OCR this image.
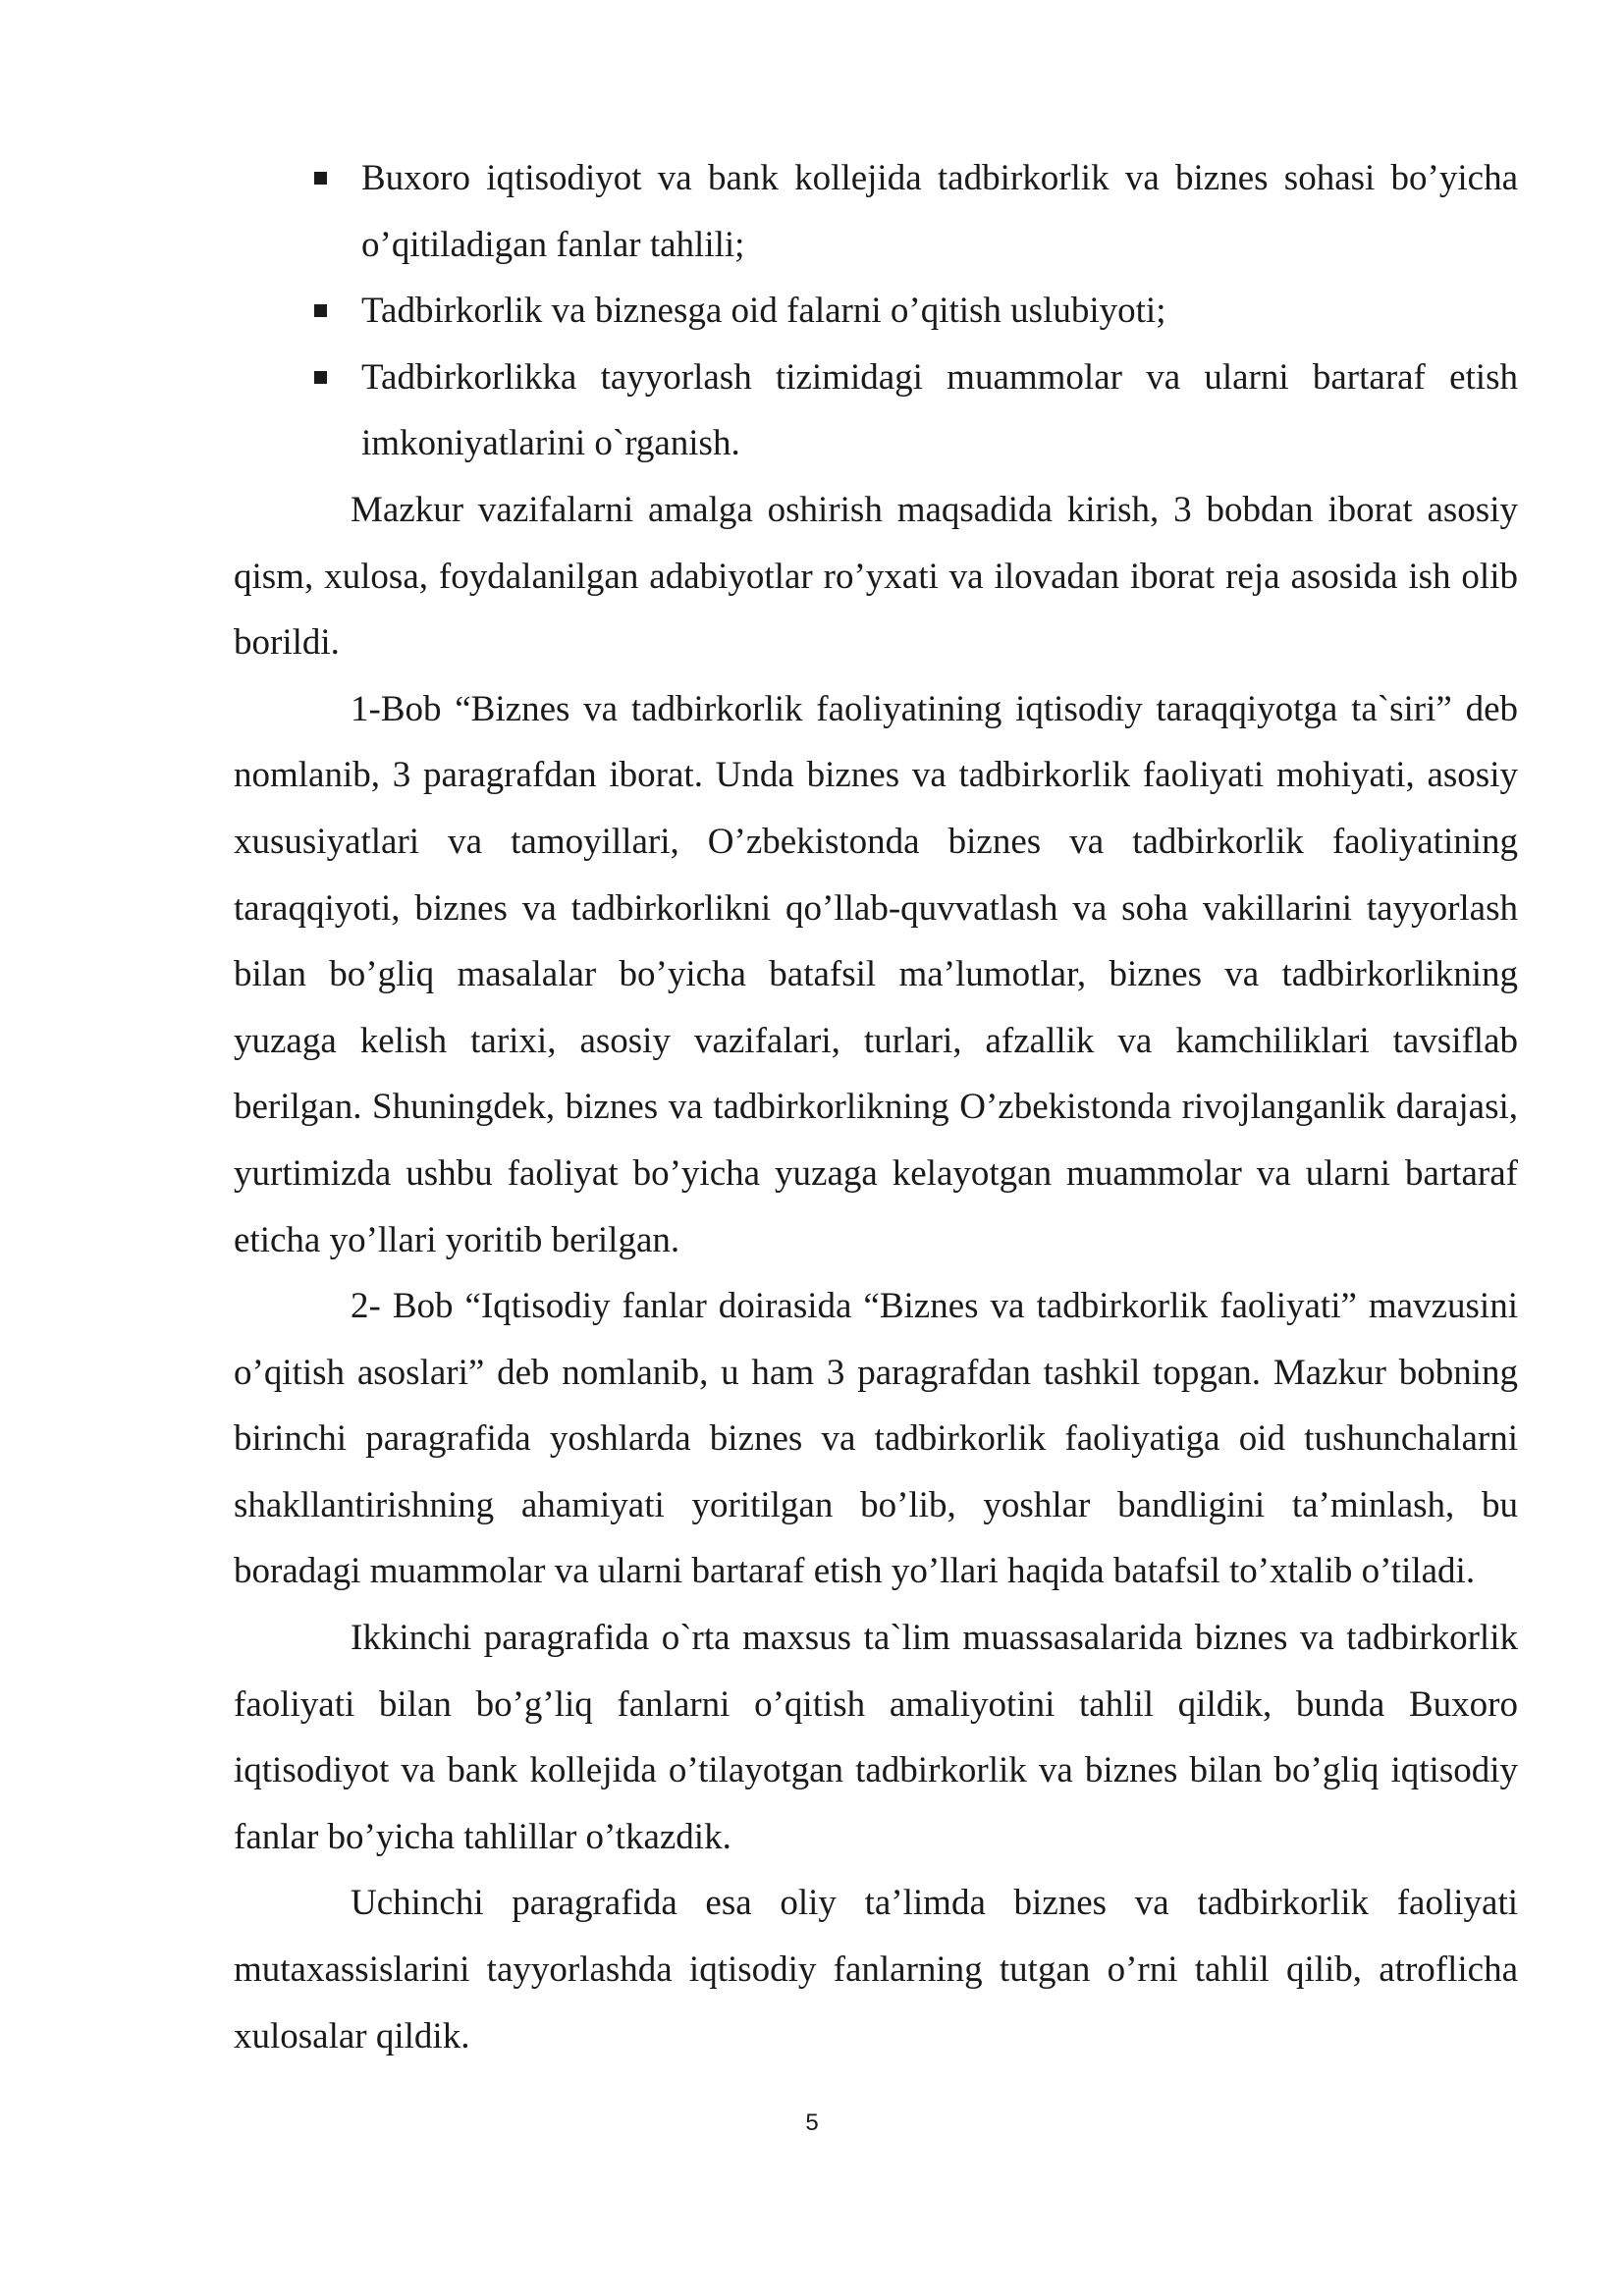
Buxoro iqtisodiyot va bank kollejida tadbirkorlik va biznes sohasi bo’yicha o’qitiladigan fanlar tahlili;
Tadbirkorlik va biznesga oid falarni o’qitish uslubiyoti;
Tadbirkorlikka tayyorlash tizimidagi muammolar va ularni bartaraf etish imkoniyatlarini o`rganish.

Mazkur vazifalarni amalga oshirish maqsadida kirish, 3 bobdan iborat asosiy qism, xulosa, foydalanilgan adabiyotlar ro’yxati va ilovadan iborat reja asosida ish olib borildi.

1-Bob “Biznes va tadbirkorlik faoliyatining iqtisodiy taraqqiyotga ta`siri” deb nomlanib, 3 paragrafdan iborat. Unda biznes va tadbirkorlik faoliyati mohiyati, asosiy xususiyatlari va tamoyillari, O’zbekistonda biznes va tadbirkorlik faoliyatining taraqqiyoti, biznes va tadbirkorlikni qo’llab-quvvatlash va soha vakillarini tayyorlash bilan bo’gliq masalalar bo’yicha batafsil ma’lumotlar, biznes va tadbirkorlikning yuzaga kelish tarixi, asosiy vazifalari, turlari, afzallik va kamchiliklari tavsiflab berilgan. Shuningdek, biznes va tadbirkorlikning O’zbekistonda rivojlanganlik darajasi, yurtimizda ushbu faoliyat bo’yicha yuzaga kelayotgan muammolar va ularni bartaraf eticha yo’llari yoritib berilgan.

2- Bob “Iqtisodiy fanlar doirasida “Biznes va tadbirkorlik faoliyati” mavzusini o’qitish asoslari” deb nomlanib, u ham 3 paragrafdan tashkil topgan. Mazkur bobning birinchi paragrafida yoshlarda biznes va tadbirkorlik faoliyatiga oid tushunchalarni shakllantirishning ahamiyati yoritilgan bo’lib, yoshlar bandligini ta’minlash, bu boradagi muammolar va ularni bartaraf etish yo’llari haqida batafsil to’xtalib o’tiladi.

Ikkinchi paragrafida o`rta maxsus ta`lim muassasalarida biznes va tadbirkorlik faoliyati bilan bo’g’liq fanlarni o’qitish amaliyotini tahlil qildik, bunda Buxoro iqtisodiyot va bank kollejida o’tilayotgan tadbirkorlik va biznes bilan bo’gliq iqtisodiy fanlar bo’yicha tahlillar o’tkazdik.

Uchinchi paragrafida esa oliy ta’limda biznes va tadbirkorlik faoliyati mutaxassislarini tayyorlashda iqtisodiy fanlarning tutgan o’rni tahlil qilib, atroflicha xulosalar qildik.

5
